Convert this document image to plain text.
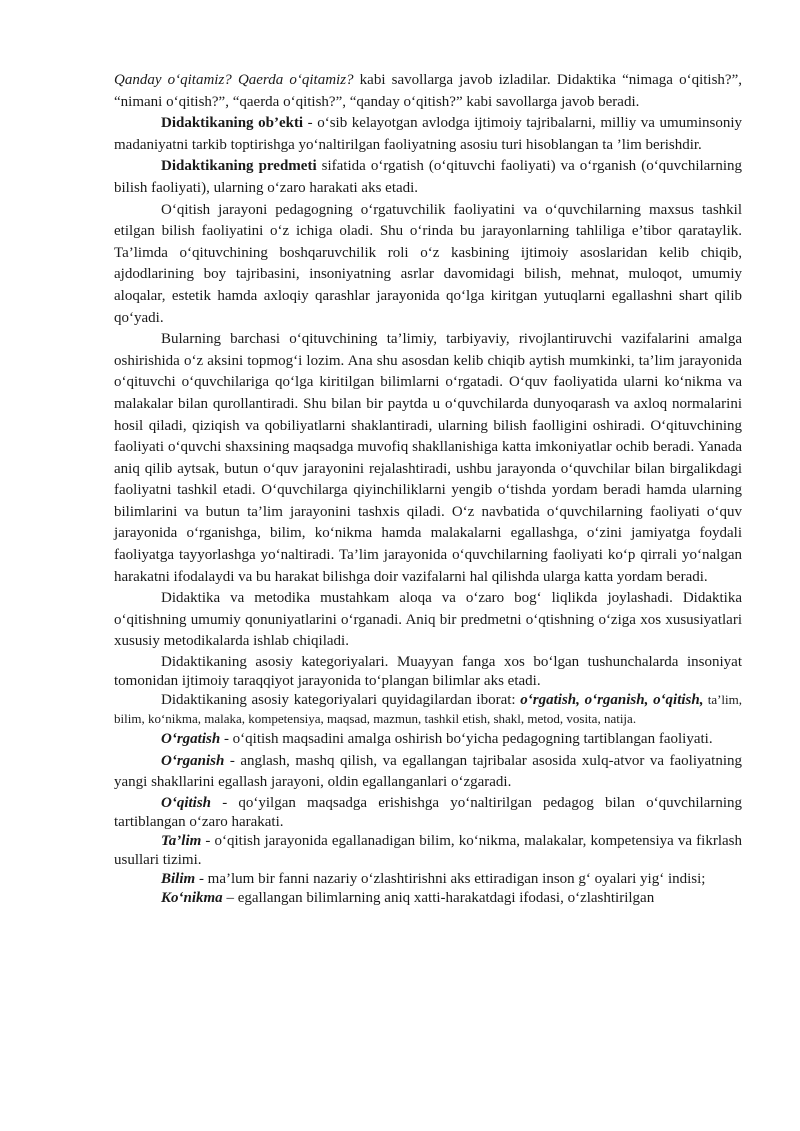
Qanday o‘qitamiz? Qaerda o‘qitamiz? kabi savollarga javob izladilar. Didaktika “nimaga o‘qitish?”, “nimani o‘qitish?”, “qaerda o‘qitish?”, “qanday o‘qitish?” kabi savollarga javob beradi.

Didaktikaning ob’ekti - o‘sib kelayotgan avlodga ijtimoiy tajribalarni, milliy va umuminsoniy madaniyatni tarkib toptirishga yo‘naltirilgan faoliyatning asosiu turi hisoblangan ta ’lim berishdir.

Didaktikaning predmeti sifatida o‘rgatish (o‘qituvchi faoliyati) va o‘rganish (o‘quvchilarning bilish faoliyati), ularning o‘zaro harakati aks etadi.

O‘qitish jarayoni pedagogning o‘rgatuvchilik faoliyatini va o‘quvchilarning maxsus tashkil etilgan bilish faoliyatini o‘z ichiga oladi. Shu o‘rinda bu jarayonlarning tahliliga e’tibor qarataylik. Ta’limda o‘qituvchining boshqaruvchilik roli o‘z kasbining ijtimoiy asoslaridan kelib chiqib, ajdodlarining boy tajribasini, insoniyatning asrlar davomidagi bilish, mehnat, muloqot, umumiy aloqalar, estetik hamda axloqiy qarashlar jarayonida qo‘lga kiritgan yutuqlarni egallashni shart qilib qo‘yadi.

Bularning barchasi o‘qituvchining ta’limiy, tarbiyaviy, rivojlantiruvchi vazifalarini amalga oshirishida o‘z aksini topmog‘i lozim. Ana shu asosdan kelib chiqib aytish mumkinki, ta’lim jarayonida o‘qituvchi o‘quvchilariga qo‘lga kiritilgan bilimlarni o‘rgatadi. O‘quv faoliyatida ularni ko‘nikma va malakalar bilan qurollantiradi. Shu bilan bir paytda u o‘quvchilarda dunyoqarash va axloq normalarini hosil qiladi, qiziqish va qobiliyatlarni shaklantiradi, ularning bilish faolligini oshiradi. O‘qituvchining faoliyati o‘quvchi shaxsining maqsadga muvofiq shakllanishiga katta imkoniyatlar ochib beradi. Yanada aniq qilib aytsak, butun o‘quv jarayonini rejalashtiradi, ushbu jarayonda o‘quvchilar bilan birgalikdagi faoliyatni tashkil etadi. O‘quvchilarga qiyinchiliklarni yengib o‘tishda yordam beradi hamda ularning bilimlarini va butun ta’lim jarayonini tashxis qiladi. O‘z navbatida o‘quvchilarning faoliyati o‘quv jarayonida o‘rganishga, bilim, ko‘nikma hamda malakalarni egallashga, o‘zini jamiyatga foydali faoliyatga tayyorlashga yo‘naltiradi. Ta’lim jarayonida o‘quvchilarning faoliyati ko‘p qirrali yo‘nalgan harakatni ifodalaydi va bu harakat bilishga doir vazifalarni hal qilishda ularga katta yordam beradi.

Didaktika va metodika mustahkam aloqa va o‘zaro bog‘ liqlikda joylashadi. Didaktika o‘qitishning umumiy qonuniyatlarini o‘rganadi. Aniq bir predmetni o‘qtishning o‘ziga xos xususiyatlari xususiy metodikalarda ishlab chiqiladi.

Didaktikaning asosiy kategoriyalari. Muayyan fanga xos bo‘lgan tushunchalarda insoniyat tomonidan ijtimoiy taraqqiyot jarayonida to‘plangan bilimlar aks etadi.

Didaktikaning asosiy kategoriyalari quyidagilardan iborat: o‘rgatish, o‘rganish, o‘qitish, ta’lim, bilim, ko‘nikma, malaka, kompetensiya, maqsad, mazmun, tashkil etish, shakl, metod, vosita, natija.

O‘rgatish - o‘qitish maqsadini amalga oshirish bo‘yicha pedagogning tartiblangan faoliyati.

O‘rganish - anglash, mashq qilish, va egallangan tajribalar asosida xulq-atvor va faoliyatning yangi shakllarini egallash jarayoni, oldin egallanganlari o‘zgaradi.

O‘qitish - qo‘yilgan maqsadga erishishga yo‘naltirilgan pedagog bilan o‘quvchilarning tartiblangan o‘zaro harakati.

Ta’lim - o‘qitish jarayonida egallanadigan bilim, ko‘nikma, malakalar, kompetensiya va fikrlash usullari tizimi.

Bilim - ma’lum bir fanni nazariy o‘zlashtirishni aks ettiradigan inson g‘ oyalari yig‘ indisi;

Ko‘nikma – egallangan bilimlarning aniq xatti-harakatdagi ifodasi, o‘zlashtirilgan
